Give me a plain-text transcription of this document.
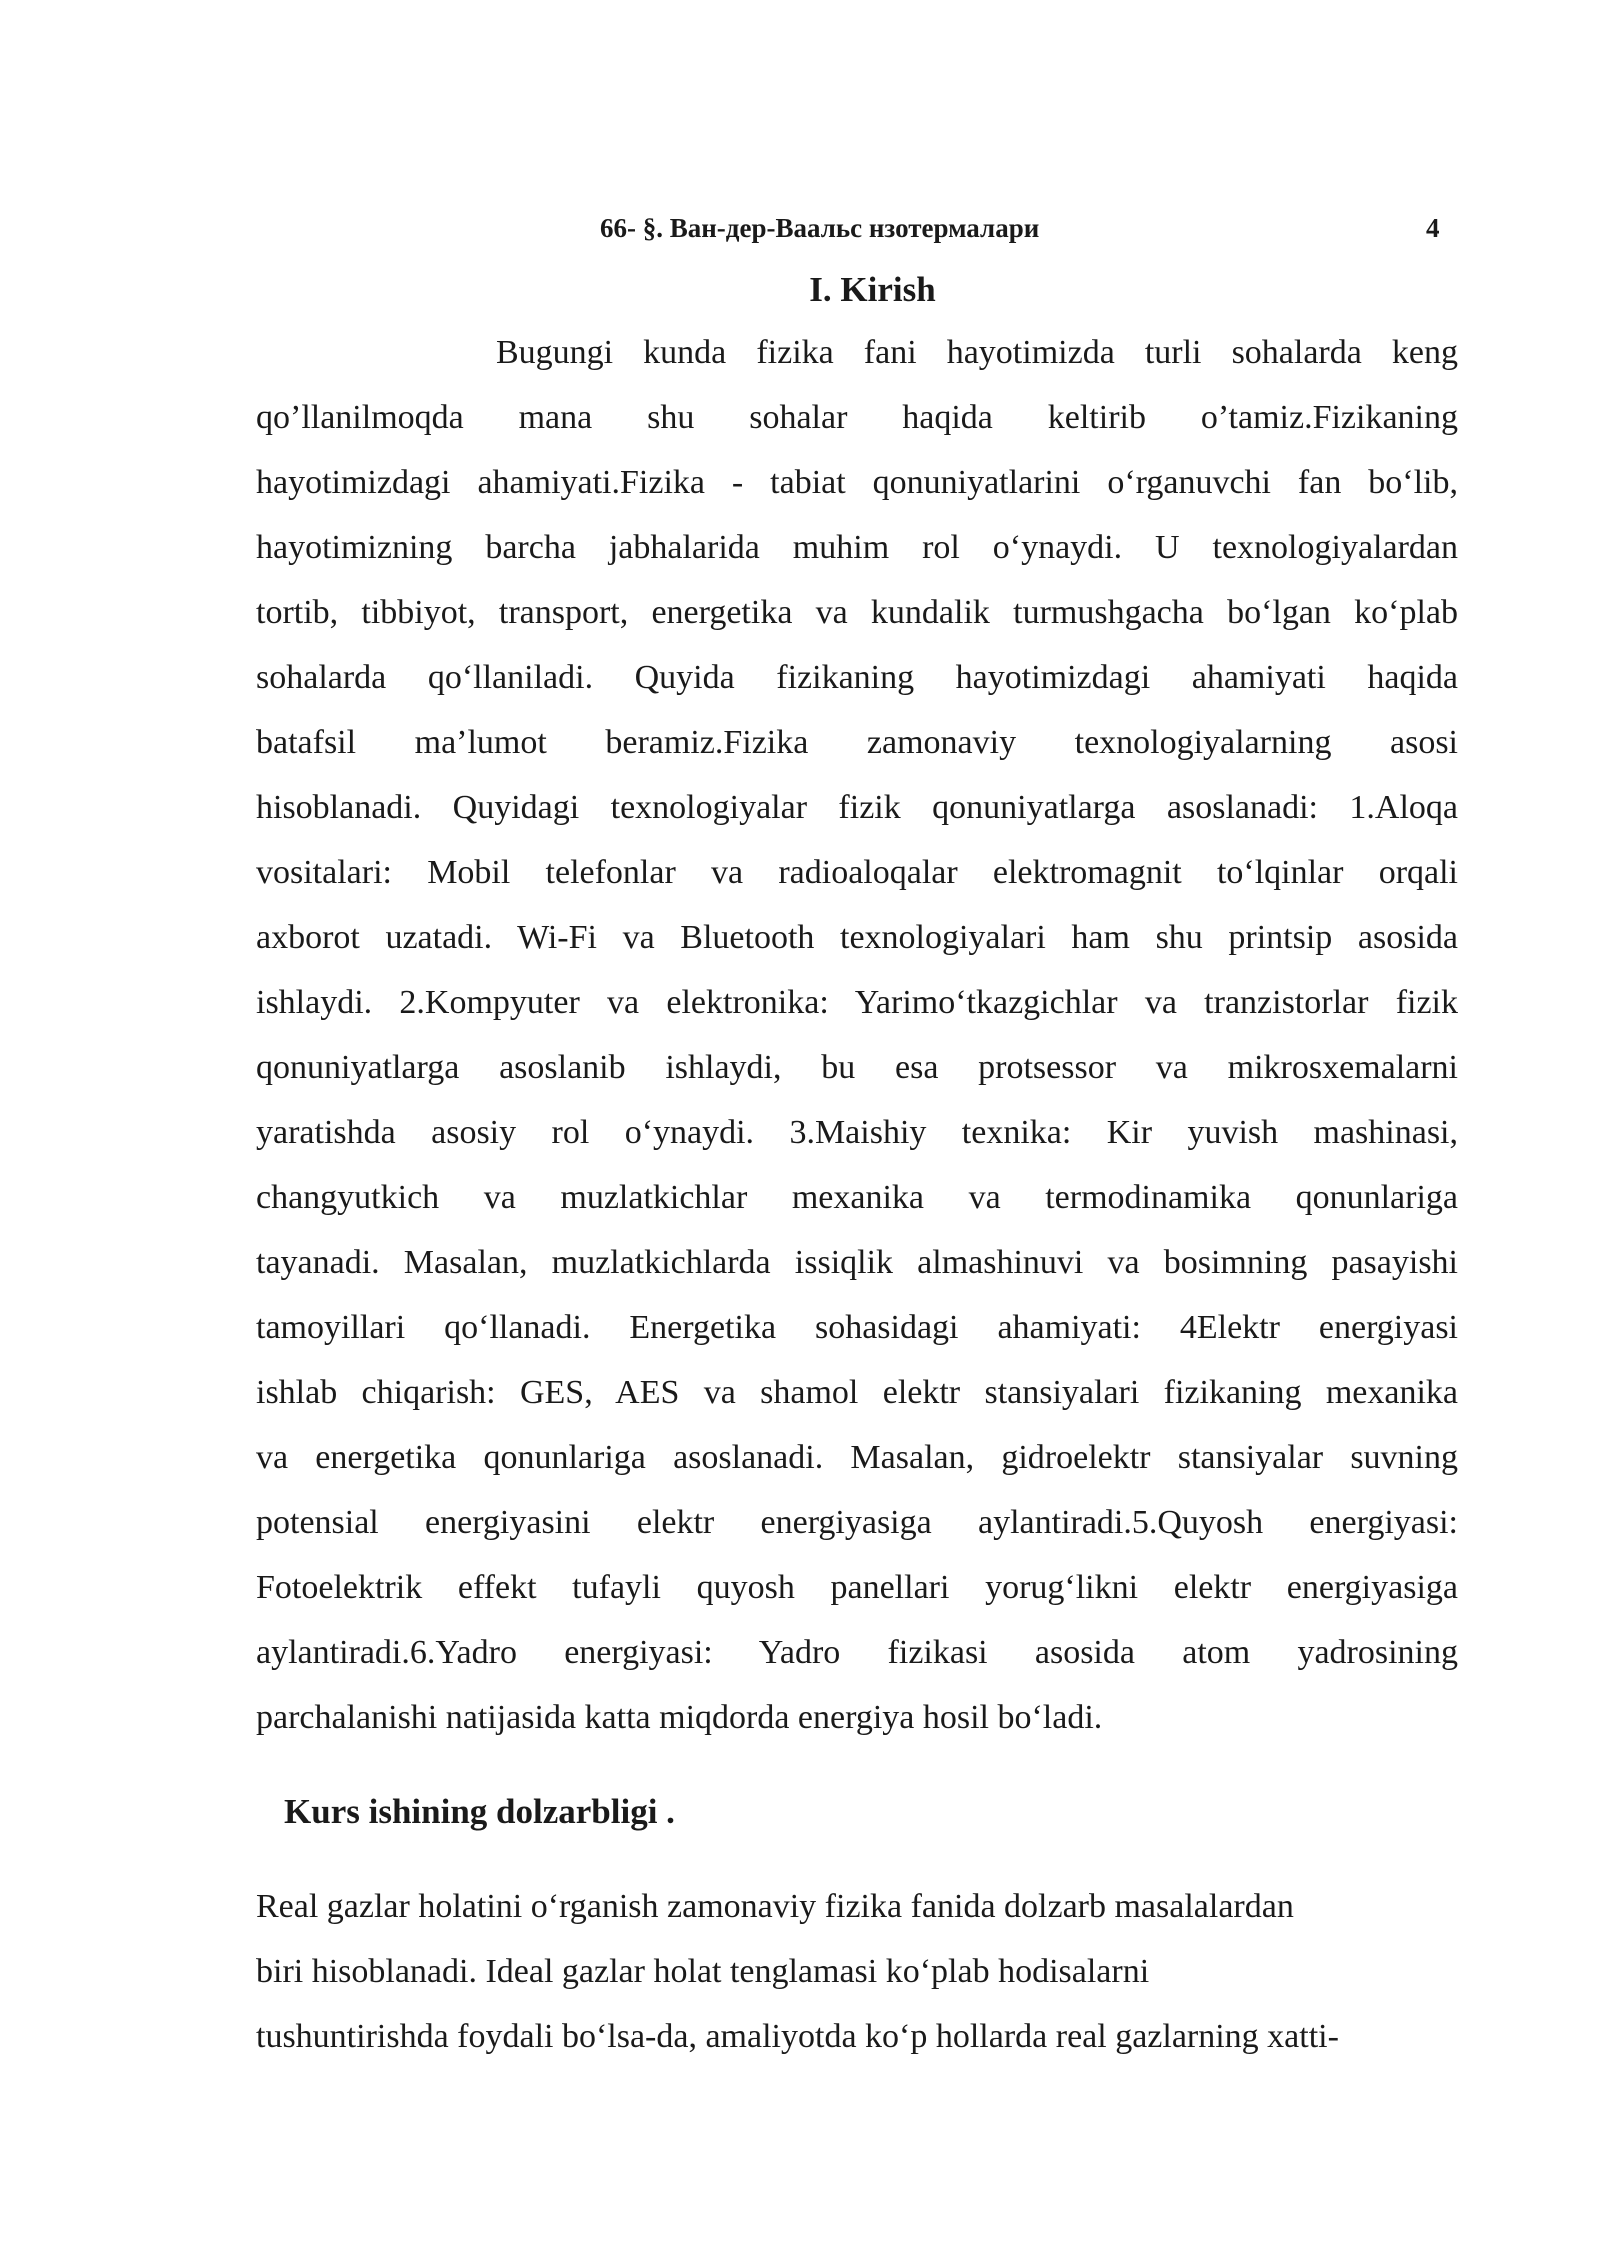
66- §. Ван-дер-Ваальс нзотермалари	4
I. Kirish
Bugungi kunda fizika fani hayotimizda turli sohalarda keng
qo’llanilmoqda mana shu sohalar haqida keltirib o’tamiz.Fizikaning
hayotimizdagi ahamiyati.Fizika - tabiat qonuniyatlarini o‘rganuvchi fan bo‘lib,
hayotimizning barcha jabhalarida muhim rol o‘ynaydi. U texnologiyalardan
tortib, tibbiyot, transport, energetika va kundalik turmushgacha bo‘lgan ko‘plab
sohalarda qo‘llaniladi. Quyida fizikaning hayotimizdagi ahamiyati haqida
batafsil ma’lumot beramiz.Fizika zamonaviy texnologiyalarning asosi
hisoblanadi. Quyidagi texnologiyalar fizik qonuniyatlarga asoslanadi: 1.Aloqa
vositalari: Mobil telefonlar va radioaloqalar elektromagnit to‘lqinlar orqali
axborot uzatadi. Wi-Fi va Bluetooth texnologiyalari ham shu printsip asosida
ishlaydi. 2.Kompyuter va elektronika: Yarimo‘tkazgichlar va tranzistorlar fizik
qonuniyatlarga asoslanib ishlaydi, bu esa protsessor va mikrosxemalarni
yaratishda asosiy rol o‘ynaydi. 3.Maishiy texnika: Kir yuvish mashinasi,
changyutkich va muzlatkichlar mexanika va termodinamika qonunlariga
tayanadi. Masalan, muzlatkichlarda issiqlik almashinuvi va bosimning pasayishi
tamoyillari qo‘llanadi. Energetika sohasidagi ahamiyati: 4Elektr energiyasi
ishlab chiqarish: GES, AES va shamol elektr stansiyalari fizikaning mexanika
va energetika qonunlariga asoslanadi. Masalan, gidroelektr stansiyalar suvning
potensial energiyasini elektr energiyasiga aylantiradi.5.Quyosh energiyasi:
Fotoelektrik effekt tufayli quyosh panellari yorug‘likni elektr energiyasiga
aylantiradi.6.Yadro energiyasi: Yadro fizikasi asosida atom yadrosining
parchalanishi natijasida katta miqdorda energiya hosil bo‘ladi.
Kurs ishining dolzarbligi .
Real gazlar holatini o‘rganish zamonaviy fizika fanida dolzarb masalalardan
biri hisoblanadi. Ideal gazlar holat tenglamasi ko‘plab hodisalarni
tushuntirishda foydali bo‘lsa-da, amaliyotda ko‘p hollarda real gazlarning xatti-
